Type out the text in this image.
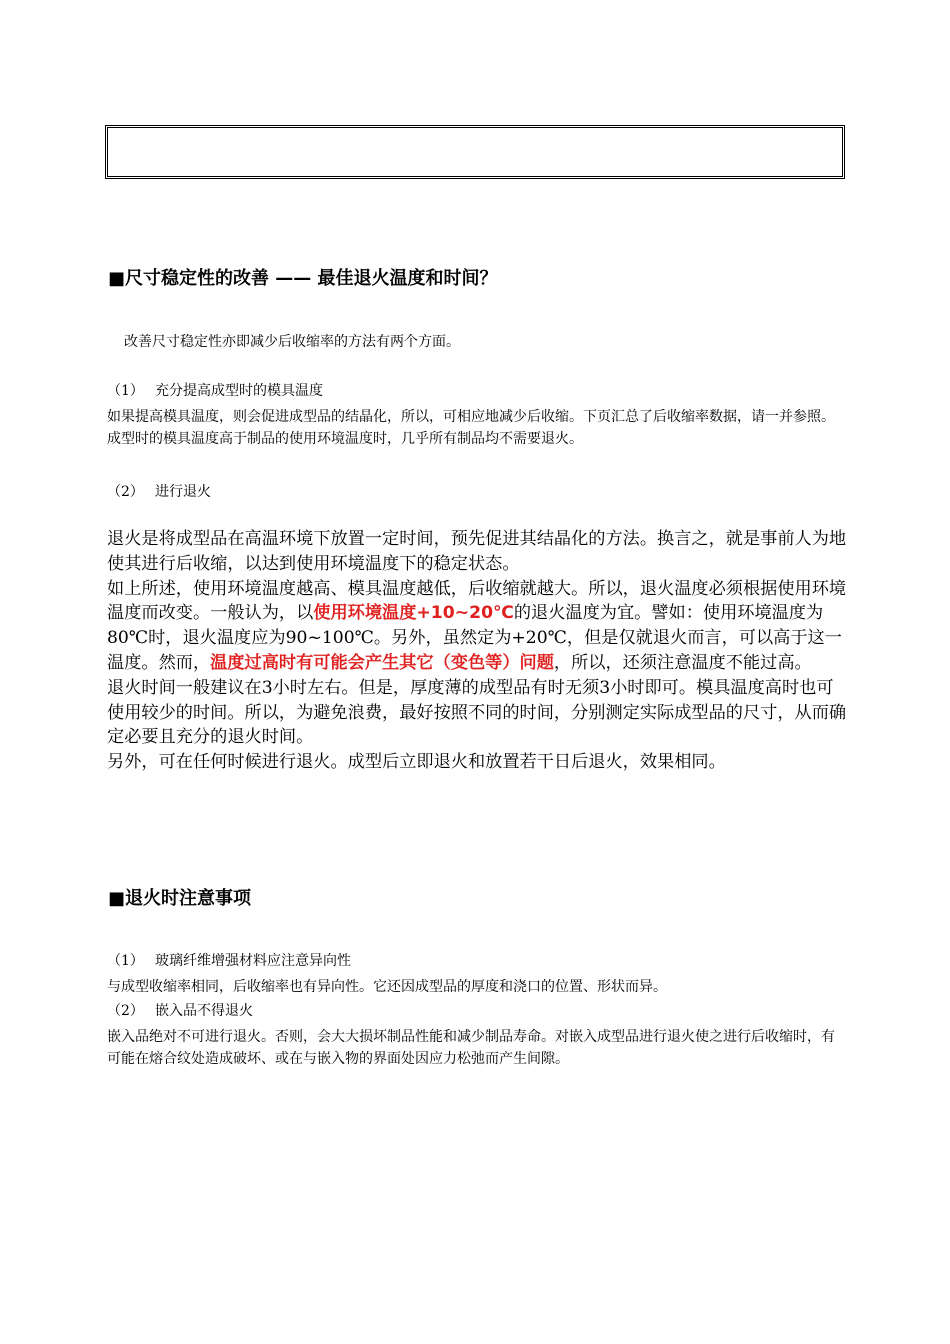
■尺寸稳定性的改善 —— 最佳退火温度和时间？

改善尺寸稳定性亦即减少后收缩率的方法有两个方面。

（1） 充分提高成型时的模具温度

如果提高模具温度，则会促进成型品的结晶化，所以，可相应地减少后收缩。下页汇总了后收缩率数据，请一并参照。成型时的模具温度高于制品的使用环境温度时，几乎所有制品均不需要退火。

（2） 进行退火

退火是将成型品在高温环境下放置一定时间，预先促进其结晶化的方法。换言之，就是事前人为地使其进行后收缩，以达到使用环境温度下的稳定状态。

如上所述，使用环境温度越高、模具温度越低，后收缩就越大。所以，退火温度必须根据使用环境温度而改变。一般认为，以使用环境温度+10~20℃的退火温度为宜。譬如：使用环境温度为80℃时，退火温度应为90~100℃。另外，虽然定为+20℃，但是仅就退火而言，可以高于这一温度。然而，温度过高时有可能会产生其它（变色等）问题，所以，还须注意温度不能过高。

退火时间一般建议在3小时左右。但是，厚度薄的成型品有时无须3小时即可。模具温度高时也可使用较少的时间。所以，为避免浪费，最好按照不同的时间，分别测定实际成型品的尺寸，从而确定必要且充分的退火时间。

另外，可在任何时候进行退火。成型后立即退火和放置若干日后退火，效果相同。

■退火时注意事项

（1） 玻璃纤维增强材料应注意异向性

与成型收缩率相同，后收缩率也有异向性。它还因成型品的厚度和浇口的位置、形状而异。

（2） 嵌入品不得退火

嵌入品绝对不可进行退火。否则，会大大损坏制品性能和减少制品寿命。对嵌入成型品进行退火使之进行后收缩时，有可能在熔合纹处造成破坏、或在与嵌入物的界面处因应力松弛而产生间隙。
